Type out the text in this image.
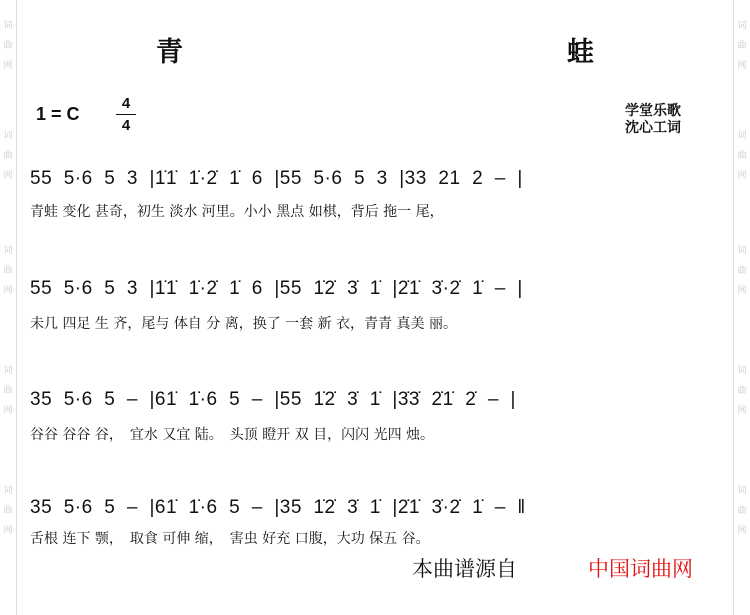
词
曲
网
词
曲
网
词
曲
网
词
曲
网
词
曲
网
词
曲
网
词
曲
网
词
曲
网
词
曲
网
词
曲
网
青　　蛙
1 = C
4
4
学堂乐歌
沈心工词
55  5·6  5  3  |1̇1̇  1̇·2̇  1̇  6  |55  5·6  5  3  |33  21  2  –  |
青蛙 变化 甚奇，初生 淡水 河里。小小 黑点 如棋，背后 拖一 尾，
55  5·6  5  3  |1̇1̇  1̇·2̇  1̇  6  |55  1̇2̇  3̇  1̇  |2̇1̇  3̇·2̇  1̇  –  |
未几 四足 生 齐，尾与 体自 分 离，换了 一套 新 衣，青青 真美 丽。
35  5·6  5  –  |61̇  1̇·6  5  –  |55  1̇2̇  3̇  1̇  |3̇3̇  2̇1̇  2̇  –  |
谷谷 谷谷 谷，　宜水 又宜 陆。　头顶 瞪开 双 目，闪闪 光四 烛。
35  5·6  5  –  |61̇  1̇·6  5  –  |35  1̇2̇  3̇  1̇  |2̇1̇  3̇·2̇  1̇  –  ‖
舌根 连下 颚，　取食 可伸 缩，　害虫 好充 口腹，大功 保五 谷。
本曲谱源自	中国词曲网
